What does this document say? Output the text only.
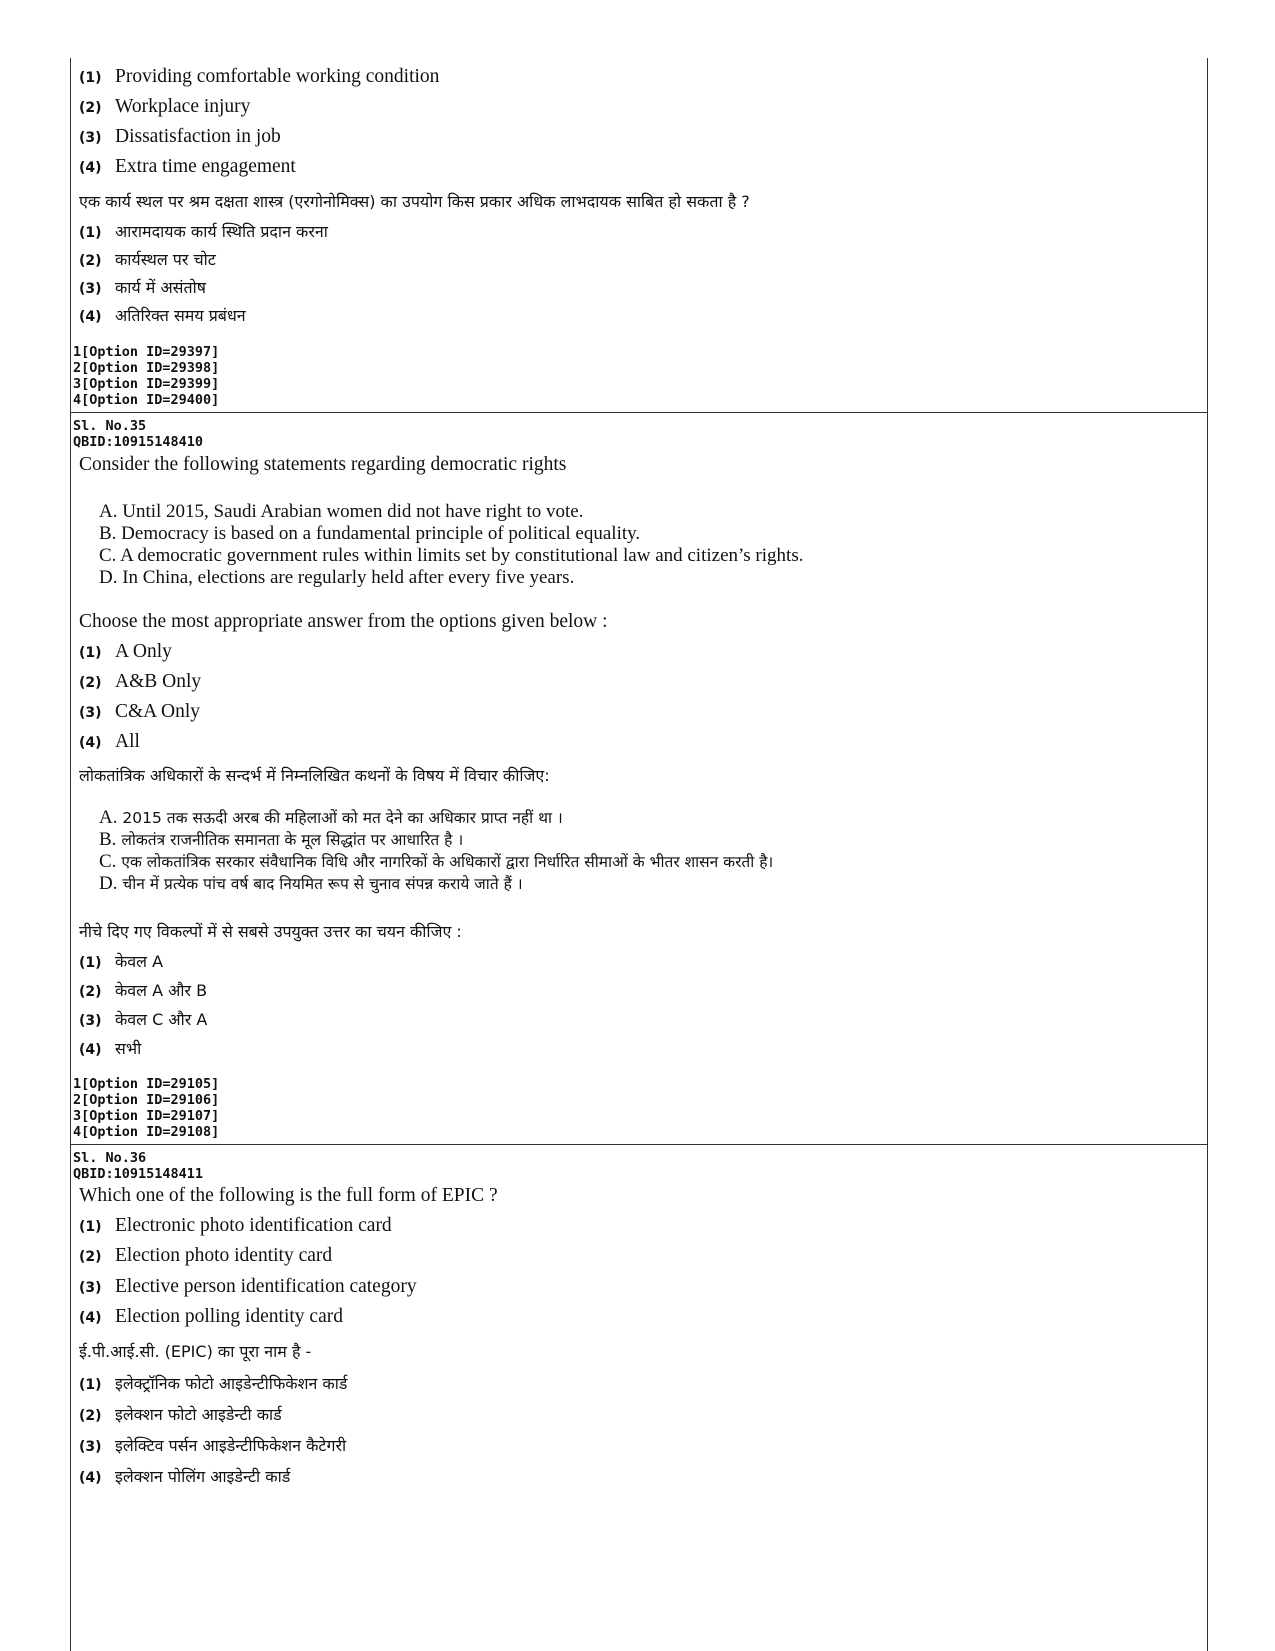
(1) Providing comfortable working condition
(2) Workplace injury
(3) Dissatisfaction in job
(4) Extra time engagement
एक कार्य स्थल पर श्रम दक्षता शास्त्र (एरगोनोमिक्स) का उपयोग किस प्रकार अधिक लाभदायक साबित हो सकता है ?
(1) आरामदायक कार्य स्थिति प्रदान करना
(2) कार्यस्थल पर चोट
(3) कार्य में असंतोष
(4) अतिरिक्त समय प्रबंधन
1[Option ID=29397]
2[Option ID=29398]
3[Option ID=29399]
4[Option ID=29400]
Sl. No.35
QBID:10915148410
Consider the following statements regarding democratic rights
A. Until 2015, Saudi Arabian women did not have right to vote.
B. Democracy is based on a fundamental principle of political equality.
C. A democratic government rules within limits set by constitutional law and citizen’s rights.
D. In China, elections are regularly held after every five years.
Choose the most appropriate answer from the options given below :
(1) A Only
(2) A&B Only
(3) C&A Only
(4) All
लोकतांत्रिक अधिकारों के सन्दर्भ में निम्नलिखित कथनों के विषय में विचार कीजिए:
A. 2015 तक सऊदी अरब की महिलाओं को मत देने का अधिकार प्राप्त नहीं था ।
B. लोकतंत्र राजनीतिक समानता के मूल सिद्धांत पर आधारित है ।
C. एक लोकतांत्रिक सरकार संवैधानिक विधि और नागरिकों के अधिकारों द्वारा निर्धारित सीमाओं के भीतर शासन करती है।
D. चीन में प्रत्येक पांच वर्ष बाद नियमित रूप से चुनाव संपन्न कराये जाते हैं ।
नीचे दिए गए विकल्पों में से सबसे उपयुक्त उत्तर का चयन कीजिए :
(1) केवल A
(2) केवल A और B
(3) केवल C और A
(4) सभी
1[Option ID=29105]
2[Option ID=29106]
3[Option ID=29107]
4[Option ID=29108]
Sl. No.36
QBID:10915148411
Which one of the following is the full form of EPIC ?
(1) Electronic photo identification card
(2) Election photo identity card
(3) Elective person identification category
(4) Election polling identity card
ई.पी.आई.सी. (EPIC) का पूरा नाम है -
(1) इलेक्ट्रॉनिक फोटो आइडेन्टीफिकेशन कार्ड
(2) इलेक्शन फोटो आइडेन्टी कार्ड
(3) इलेक्टिव पर्सन आइडेन्टीफिकेशन कैटेगरी
(4) इलेक्शन पोलिंग आइडेन्टी कार्ड
